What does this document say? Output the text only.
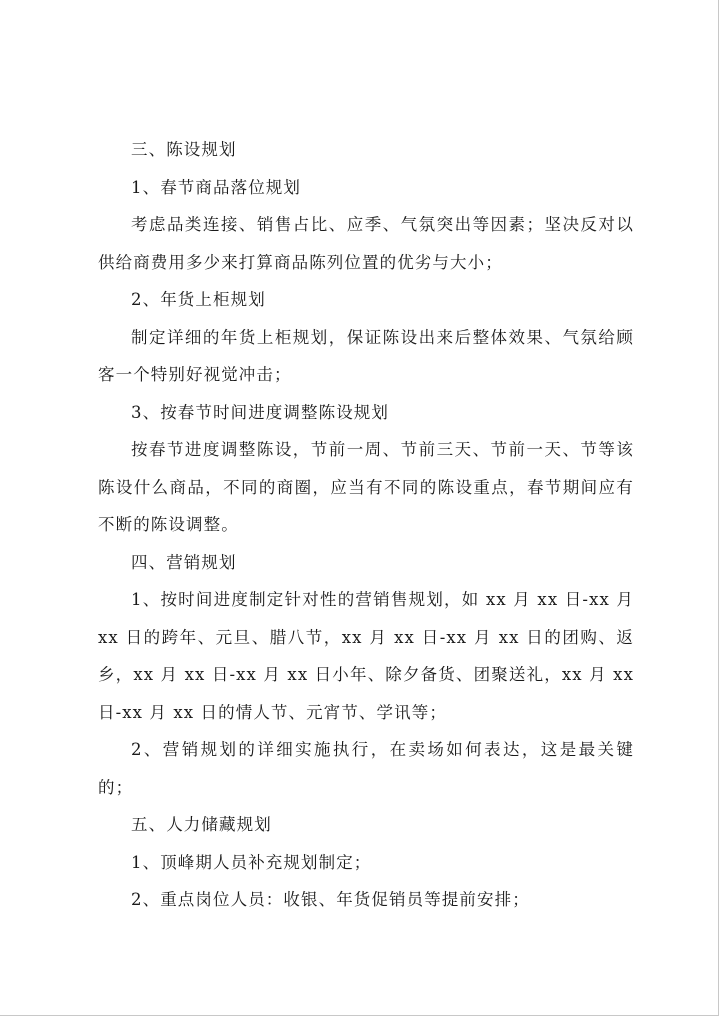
三、陈设规划

1、春节商品落位规划

考虑品类连接、销售占比、应季、气氛突出等因素；坚决反对以供给商费用多少来打算商品陈列位置的优劣与大小；

2、年货上柜规划

制定详细的年货上柜规划，保证陈设出来后整体效果、气氛给顾客一个特别好视觉冲击；

3、按春节时间进度调整陈设规划

按春节进度调整陈设，节前一周、节前三天、节前一天、节等该陈设什么商品，不同的商圈，应当有不同的陈设重点，春节期间应有不断的陈设调整。

四、营销规划

1、按时间进度制定针对性的营销售规划，如 xx 月 xx 日-xx 月 xx 日的跨年、元旦、腊八节，xx 月 xx 日-xx 月 xx 日的团购、返乡，xx 月 xx 日-xx 月 xx 日小年、除夕备货、团聚送礼，xx 月 xx 日-xx 月 xx 日的情人节、元宵节、学讯等；

2、营销规划的详细实施执行，在卖场如何表达，这是最关键的；

五、人力储藏规划

1、顶峰期人员补充规划制定；

2、重点岗位人员：收银、年货促销员等提前安排；
